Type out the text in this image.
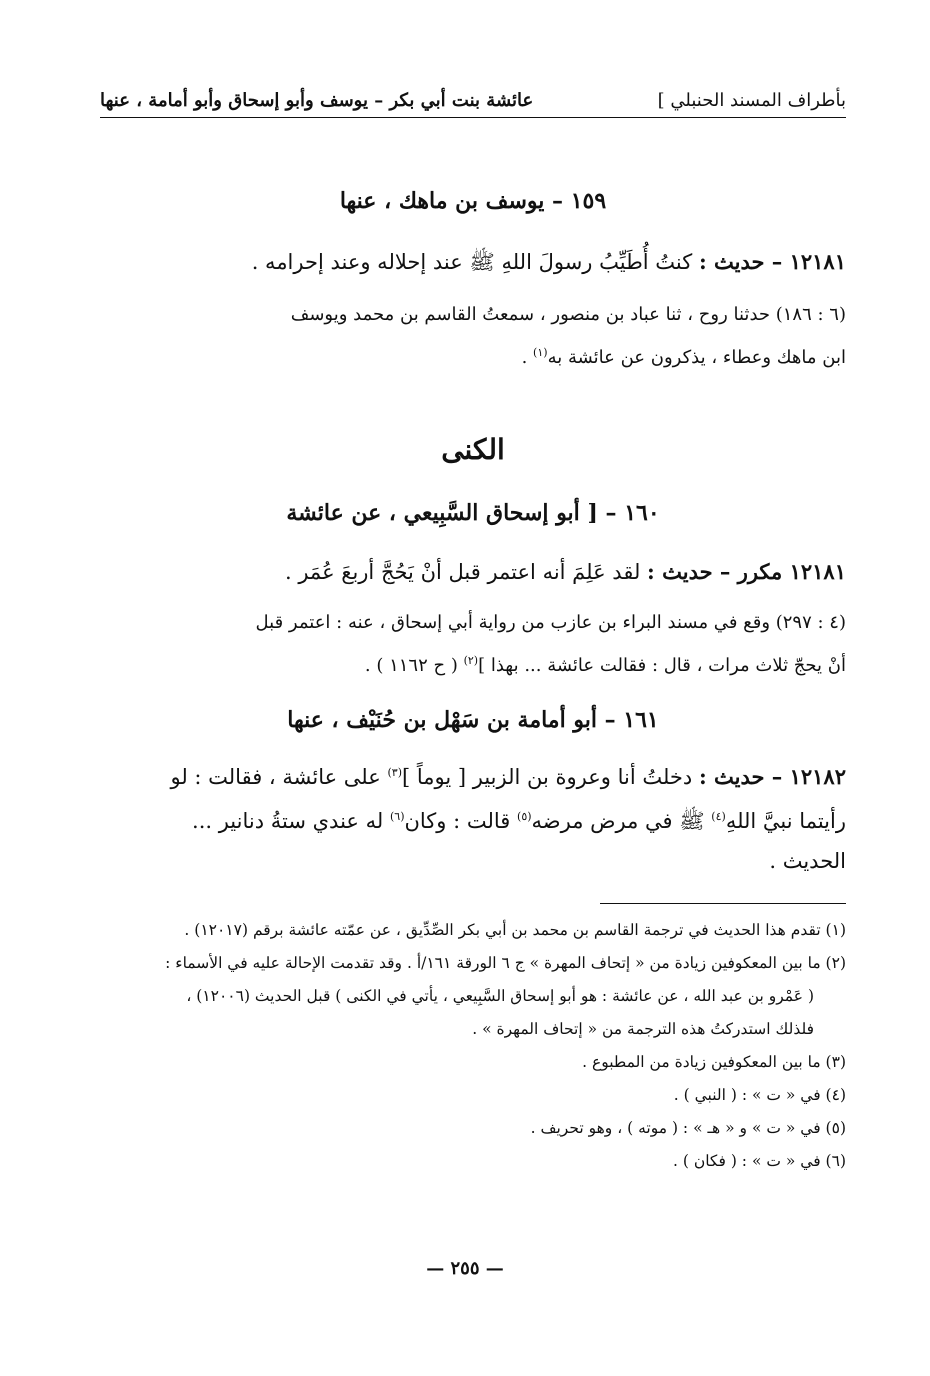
بأطراف المسند الحنبلي ]
عائشة بنت أبي بكر – يوسف وأبو إسحاق وأبو أمامة ، عنها

١٥٩ – يوسف بن ماهك ، عنها

١٢١٨١ – حديث : كنتُ أُطَيِّبُ رسولَ اللهِ ﷺ عند إحلاله وعند إحرامه .

(٦ : ١٨٦) حدثنا روح ، ثنا عباد بن منصور ، سمعتُ القاسم بن محمد ويوسف
ابن ماهك وعطاء ، يذكرون عن عائشة به$^{(١)}$ .

الكنى

١٦٠ – [ أبو إسحاق السَّبِيعي ، عن عائشة

١٢١٨١ مكرر – حديث : لقد عَلِمَ أنه اعتمر قبل أنْ يَحُجَّ أربعَ عُمَر .

(٤ : ٢٩٧) وقع في مسند البراء بن عازب من رواية أبي إسحاق ، عنه : اعتمر قبل
أنْ يحجّ ثلاث مرات ، قال : فقالت عائشة ... بهذا ]$^{(٢)}$ ( ح ١١٦٢ ) .

١٦١ – أبو أمامة بن سَهْل بن حُنَيْف ، عنها

١٢١٨٢ – حديث : دخلتُ أنا وعروة بن الزبير [ يوماً ]$^{(٣)}$ على عائشة ، فقالت : لو
رأيتما نبيَّ اللهِ$^{(٤)}$ ﷺ في مرض مرضه$^{(٥)}$ قالت : وكان$^{(٦)}$ له عندي ستةُ دنانير ...
الحديث .

(١) تقدم هذا الحديث في ترجمة القاسم بن محمد بن أبي بكر الصِّدِّيق ، عن عمّته عائشة برقم (١٢٠١٧) .

(٢) ما بين المعكوفين زيادة من « إتحاف المهرة » ج ٦ الورقة ١٦١/أ . وقد تقدمت الإحالة عليه في الأسماء :

( عَمْرو بن عبد الله ، عن عائشة : هو أبو إسحاق السَّبِيعي ، يأتي في الكنى ) قبل الحديث (١٢٠٠٦) ،

فلذلك استدركتُ هذه الترجمة من « إتحاف المهرة » .

(٣) ما بين المعكوفين زيادة من المطبوع .

(٤) في « ت » : ( النبي ) .

(٥) في « ت » و « هـ » : ( موته ) ، وهو تحريف .

(٦) في « ت » : ( فكان ) .

— ٢٥٥ —
